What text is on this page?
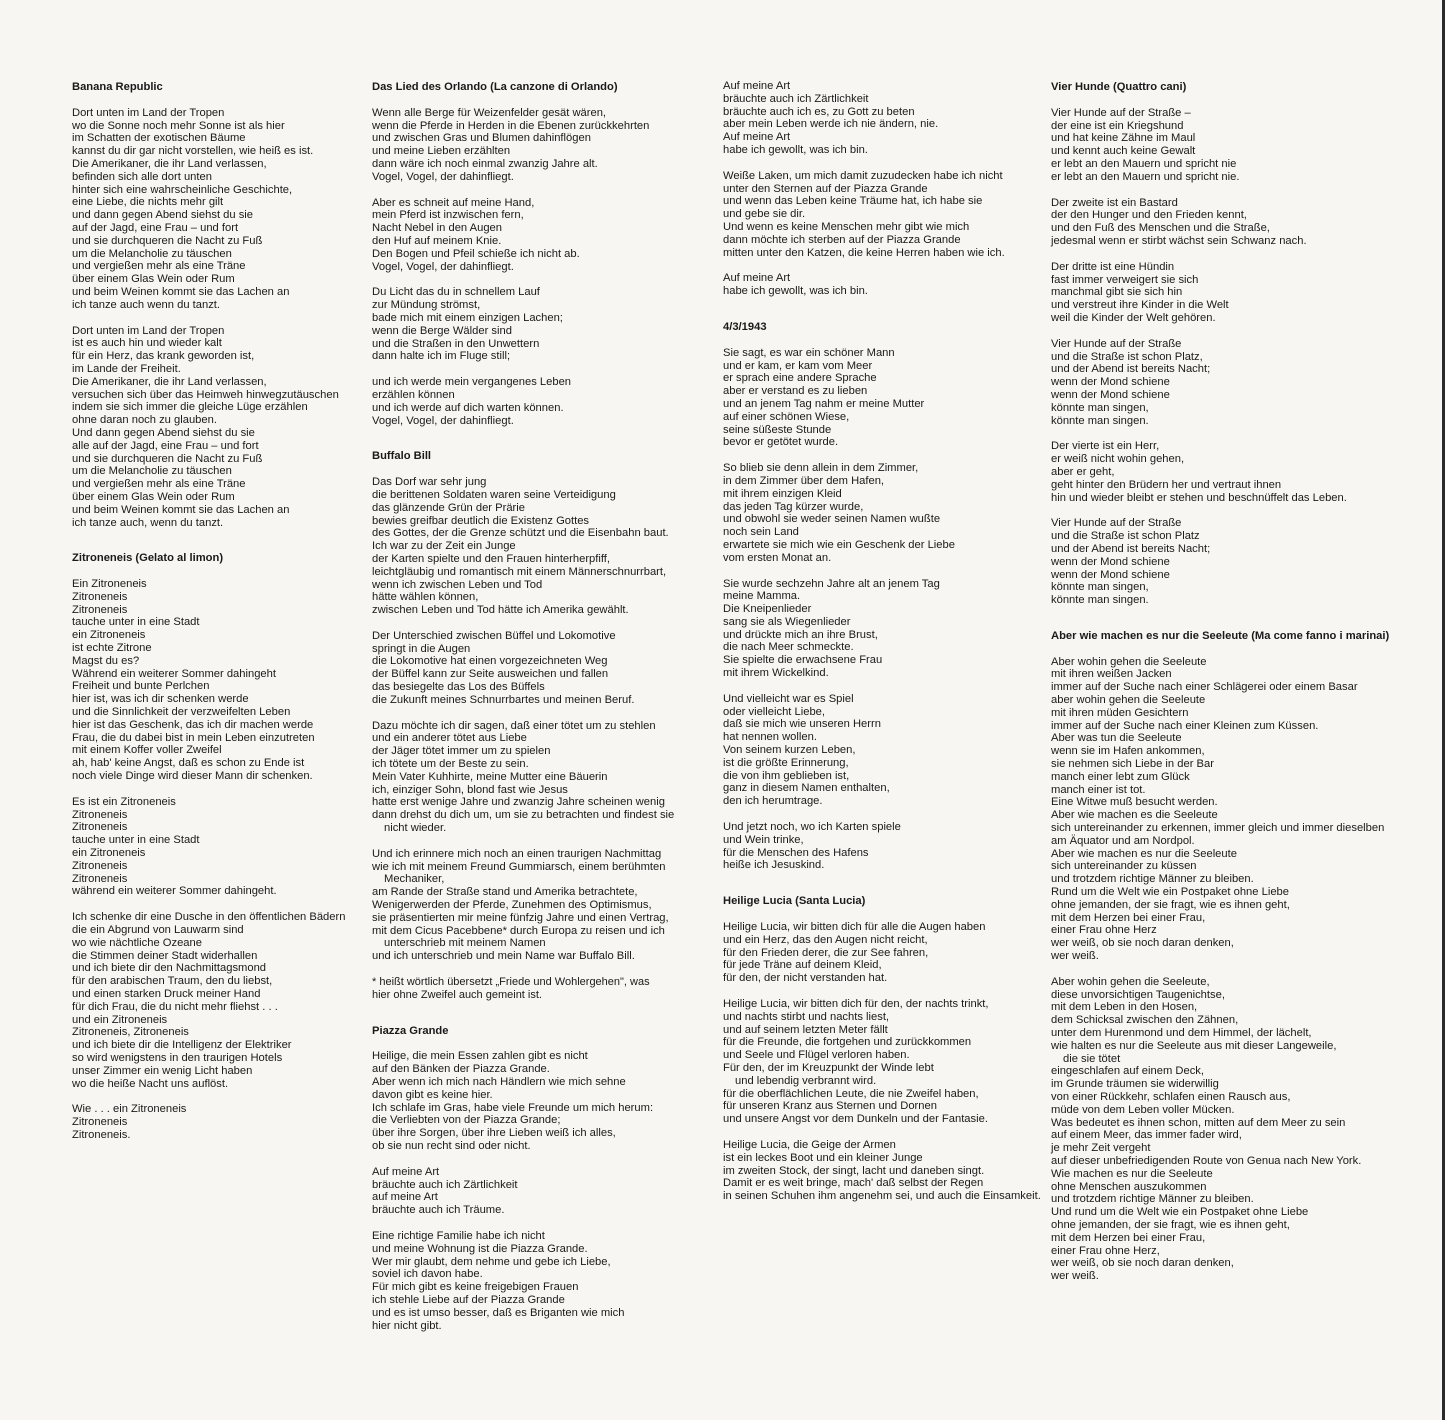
Banana Republic
Dort unten im Land der Tropen
wo die Sonne noch mehr Sonne ist als hier
im Schatten der exotischen Bäume
kannst du dir gar nicht vorstellen, wie heiß es ist.
Die Amerikaner, die ihr Land verlassen,
befinden sich alle dort unten
hinter sich eine wahrscheinliche Geschichte,
eine Liebe, die nichts mehr gilt
und dann gegen Abend siehst du sie
auf der Jagd, eine Frau – und fort
und sie durchqueren die Nacht zu Fuß
um die Melancholie zu täuschen
und vergießen mehr als eine Träne
über einem Glas Wein oder Rum
und beim Weinen kommt sie das Lachen an
ich tanze auch wenn du tanzt.
Dort unten im Land der Tropen
ist es auch hin und wieder kalt
für ein Herz, das krank geworden ist,
im Lande der Freiheit.
Die Amerikaner, die ihr Land verlassen,
versuchen sich über das Heimweh hinwegzutäuschen
indem sie sich immer die gleiche Lüge erzählen
ohne daran noch zu glauben.
Und dann gegen Abend siehst du sie
alle auf der Jagd, eine Frau – und fort
und sie durchqueren die Nacht zu Fuß
um die Melancholie zu täuschen
und vergießen mehr als eine Träne
über einem Glas Wein oder Rum
und beim Weinen kommt sie das Lachen an
ich tanze auch, wenn du tanzt.
Zitroneneis (Gelato al limon)
Ein Zitroneneis
Zitroneneis
Zitroneneis
tauche unter in eine Stadt
ein Zitroneneis
ist echte Zitrone
Magst du es?
Während ein weiterer Sommer dahingeht
Freiheit und bunte Perlchen
hier ist, was ich dir schenken werde
und die Sinnlichkeit der verzweifelten Leben
hier ist das Geschenk, das ich dir machen werde
Frau, die du dabei bist in mein Leben einzutreten
mit einem Koffer voller Zweifel
ah, hab' keine Angst, daß es schon zu Ende ist
noch viele Dinge wird dieser Mann dir schenken.
Es ist ein Zitroneneis
Zitroneneis
Zitroneneis
tauche unter in eine Stadt
ein Zitroneneis
Zitroneneis
Zitroneneis
während ein weiterer Sommer dahingeht.
Ich schenke dir eine Dusche in den öffentlichen Bädern
die ein Abgrund von Lauwarm sind
wo wie nächtliche Ozeane
die Stimmen deiner Stadt widerhallen
und ich biete dir den Nachmittagsmond
für den arabischen Traum, den du liebst,
und einen starken Druck meiner Hand
für dich Frau, die du nicht mehr fliehst . . .
und ein Zitroneneis
Zitroneneis, Zitroneneis
und ich biete dir die Intelligenz der Elektriker
so wird wenigstens in den traurigen Hotels
unser Zimmer ein wenig Licht haben
wo die heiße Nacht uns auflöst.
Wie . . . ein Zitroneneis
Zitroneneis
Zitroneneis.
Das Lied des Orlando (La canzone di Orlando)
Wenn alle Berge für Weizenfelder gesät wären,
wenn die Pferde in Herden in die Ebenen zurückkehrten
und zwischen Gras und Blumen dahinflögen
und meine Lieben erzählten
dann wäre ich noch einmal zwanzig Jahre alt.
Vogel, Vogel, der dahinfliegt.
Aber es schneit auf meine Hand,
mein Pferd ist inzwischen fern,
Nacht Nebel in den Augen
den Huf auf meinem Knie.
Den Bogen und Pfeil schieße ich nicht ab.
Vogel, Vogel, der dahinfliegt.
Du Licht das du in schnellem Lauf
zur Mündung strömst,
bade mich mit einem einzigen Lachen;
wenn die Berge Wälder sind
und die Straßen in den Unwettern
dann halte ich im Fluge still;
und ich werde mein vergangenes Leben
erzählen können
und ich werde auf dich warten können.
Vogel, Vogel, der dahinfliegt.
Buffalo Bill
Das Dorf war sehr jung
die berittenen Soldaten waren seine Verteidigung
das glänzende Grün der Prärie
bewies greifbar deutlich die Existenz Gottes
des Gottes, der die Grenze schützt und die Eisenbahn baut.
Ich war zu der Zeit ein Junge
der Karten spielte und den Frauen hinterherpfiff,
leichtgläubig und romantisch mit einem Männerschnurrbart,
wenn ich zwischen Leben und Tod
hätte wählen können,
zwischen Leben und Tod hätte ich Amerika gewählt.
Der Unterschied zwischen Büffel und Lokomotive
springt in die Augen
die Lokomotive hat einen vorgezeichneten Weg
der Büffel kann zur Seite ausweichen und fallen
das besiegelte das Los des Büffels
die Zukunft meines Schnurrbartes und meinen Beruf.
Dazu möchte ich dir sagen, daß einer tötet um zu stehlen
und ein anderer tötet aus Liebe
der Jäger tötet immer um zu spielen
ich tötete um der Beste zu sein.
Mein Vater Kuhhirte, meine Mutter eine Bäuerin
ich, einziger Sohn, blond fast wie Jesus
hatte erst wenige Jahre und zwanzig Jahre scheinen wenig
dann drehst du dich um, um sie zu betrachten und findest sie
nicht wieder.
Und ich erinnere mich noch an einen traurigen Nachmittag
wie ich mit meinem Freund Gummiarsch, einem berühmten
Mechaniker,
am Rande der Straße stand und Amerika betrachtete,
Wenigerwerden der Pferde, Zunehmen des Optimismus,
sie präsentierten mir meine fünfzig Jahre und einen Vertrag,
mit dem Cicus Pacebbene* durch Europa zu reisen und ich
unterschrieb mit meinem Namen
und ich unterschrieb und mein Name war Buffalo Bill.
* heißt wörtlich übersetzt „Friede und Wohlergehen", was
hier ohne Zweifel auch gemeint ist.
Piazza Grande
Heilige, die mein Essen zahlen gibt es nicht
auf den Bänken der Piazza Grande.
Aber wenn ich mich nach Händlern wie mich sehne
davon gibt es keine hier.
Ich schlafe im Gras, habe viele Freunde um mich herum:
die Verliebten von der Piazza Grande;
über ihre Sorgen, über ihre Lieben weiß ich alles,
ob sie nun recht sind oder nicht.
Auf meine Art
bräuchte auch ich Zärtlichkeit
auf meine Art
bräuchte auch ich Träume.
Eine richtige Familie habe ich nicht
und meine Wohnung ist die Piazza Grande.
Wer mir glaubt, dem nehme und gebe ich Liebe,
soviel ich davon habe.
Für mich gibt es keine freigebigen Frauen
ich stehle Liebe auf der Piazza Grande
und es ist umso besser, daß es Briganten wie mich
hier nicht gibt.
Auf meine Art
bräuchte auch ich Zärtlichkeit
bräuchte auch ich es, zu Gott zu beten
aber mein Leben werde ich nie ändern, nie.
Auf meine Art
habe ich gewollt, was ich bin.
Weiße Laken, um mich damit zuzudecken habe ich nicht
unter den Sternen auf der Piazza Grande
und wenn das Leben keine Träume hat, ich habe sie
und gebe sie dir.
Und wenn es keine Menschen mehr gibt wie mich
dann möchte ich sterben auf der Piazza Grande
mitten unter den Katzen, die keine Herren haben wie ich.
Auf meine Art
habe ich gewollt, was ich bin.
4/3/1943
Sie sagt, es war ein schöner Mann
und er kam, er kam vom Meer
er sprach eine andere Sprache
aber er verstand es zu lieben
und an jenem Tag nahm er meine Mutter
auf einer schönen Wiese,
seine süßeste Stunde
bevor er getötet wurde.
So blieb sie denn allein in dem Zimmer,
in dem Zimmer über dem Hafen,
mit ihrem einzigen Kleid
das jeden Tag kürzer wurde,
und obwohl sie weder seinen Namen wußte
noch sein Land
erwartete sie mich wie ein Geschenk der Liebe
vom ersten Monat an.
Sie wurde sechzehn Jahre alt an jenem Tag
meine Mamma.
Die Kneipenlieder
sang sie als Wiegenlieder
und drückte mich an ihre Brust,
die nach Meer schmeckte.
Sie spielte die erwachsene Frau
mit ihrem Wickelkind.
Und vielleicht war es Spiel
oder vielleicht Liebe,
daß sie mich wie unseren Herrn
hat nennen wollen.
Von seinem kurzen Leben,
ist die größte Erinnerung,
die von ihm geblieben ist,
ganz in diesem Namen enthalten,
den ich herumtrage.
Und jetzt noch, wo ich Karten spiele
und Wein trinke,
für die Menschen des Hafens
heiße ich Jesuskind.
Heilige Lucia (Santa Lucia)
Heilige Lucia, wir bitten dich für alle die Augen haben
und ein Herz, das den Augen nicht reicht,
für den Frieden derer, die zur See fahren,
für jede Träne auf deinem Kleid,
für den, der nicht verstanden hat.
Heilige Lucia, wir bitten dich für den, der nachts trinkt,
und nachts stirbt und nachts liest,
und auf seinem letzten Meter fällt
für die Freunde, die fortgehen und zurückkommen
und Seele und Flügel verloren haben.
Für den, der im Kreuzpunkt der Winde lebt
und lebendig verbrannt wird.
für die oberflächlichen Leute, die nie Zweifel haben,
für unseren Kranz aus Sternen und Dornen
und unsere Angst vor dem Dunkeln und der Fantasie.
Heilige Lucia, die Geige der Armen
ist ein leckes Boot und ein kleiner Junge
im zweiten Stock, der singt, lacht und daneben singt.
Damit er es weit bringe, mach' daß selbst der Regen
in seinen Schuhen ihm angenehm sei, und auch die Einsamkeit.
Vier Hunde (Quattro cani)
Vier Hunde auf der Straße –
der eine ist ein Kriegshund
und hat keine Zähne im Maul
und kennt auch keine Gewalt
er lebt an den Mauern und spricht nie
er lebt an den Mauern und spricht nie.
Der zweite ist ein Bastard
der den Hunger und den Frieden kennt,
und den Fuß des Menschen und die Straße,
jedesmal wenn er stirbt wächst sein Schwanz nach.
Der dritte ist eine Hündin
fast immer verweigert sie sich
manchmal gibt sie sich hin
und verstreut ihre Kinder in die Welt
weil die Kinder der Welt gehören.
Vier Hunde auf der Straße
und die Straße ist schon Platz,
und der Abend ist bereits Nacht;
wenn der Mond schiene
wenn der Mond schiene
könnte man singen,
könnte man singen.
Der vierte ist ein Herr,
er weiß nicht wohin gehen,
aber er geht,
geht hinter den Brüdern her und vertraut ihnen
hin und wieder bleibt er stehen und beschnüffelt das Leben.
Vier Hunde auf der Straße
und die Straße ist schon Platz
und der Abend ist bereits Nacht;
wenn der Mond schiene
wenn der Mond schiene
könnte man singen,
könnte man singen.
Aber wie machen es nur die Seeleute (Ma come fanno i marinai)
Aber wohin gehen die Seeleute
mit ihren weißen Jacken
immer auf der Suche nach einer Schlägerei oder einem Basar
aber wohin gehen die Seeleute
mit ihren müden Gesichtern
immer auf der Suche nach einer Kleinen zum Küssen.
Aber was tun die Seeleute
wenn sie im Hafen ankommen,
sie nehmen sich Liebe in der Bar
manch einer lebt zum Glück
manch einer ist tot.
Eine Witwe muß besucht werden.
Aber wie machen es die Seeleute
sich untereinander zu erkennen, immer gleich und immer dieselben
am Äquator und am Nordpol.
Aber wie machen es nur die Seeleute
sich untereinander zu küssen
und trotzdem richtige Männer zu bleiben.
Rund um die Welt wie ein Postpaket ohne Liebe
ohne jemanden, der sie fragt, wie es ihnen geht,
mit dem Herzen bei einer Frau,
einer Frau ohne Herz
wer weiß, ob sie noch daran denken,
wer weiß.
Aber wohin gehen die Seeleute,
diese unvorsichtigen Taugenichtse,
mit dem Leben in den Hosen,
dem Schicksal zwischen den Zähnen,
unter dem Hurenmond und dem Himmel, der lächelt,
wie halten es nur die Seeleute aus mit dieser Langeweile,
die sie tötet
eingeschlafen auf einem Deck,
im Grunde träumen sie widerwillig
von einer Rückkehr, schlafen einen Rausch aus,
müde von dem Leben voller Mücken.
Was bedeutet es ihnen schon, mitten auf dem Meer zu sein
auf einem Meer, das immer fader wird,
je mehr Zeit vergeht
auf dieser unbefriedigenden Route von Genua nach New York.
Wie machen es nur die Seeleute
ohne Menschen auszukommen
und trotzdem richtige Männer zu bleiben.
Und rund um die Welt wie ein Postpaket ohne Liebe
ohne jemanden, der sie fragt, wie es ihnen geht,
mit dem Herzen bei einer Frau,
einer Frau ohne Herz,
wer weiß, ob sie noch daran denken,
wer weiß.
